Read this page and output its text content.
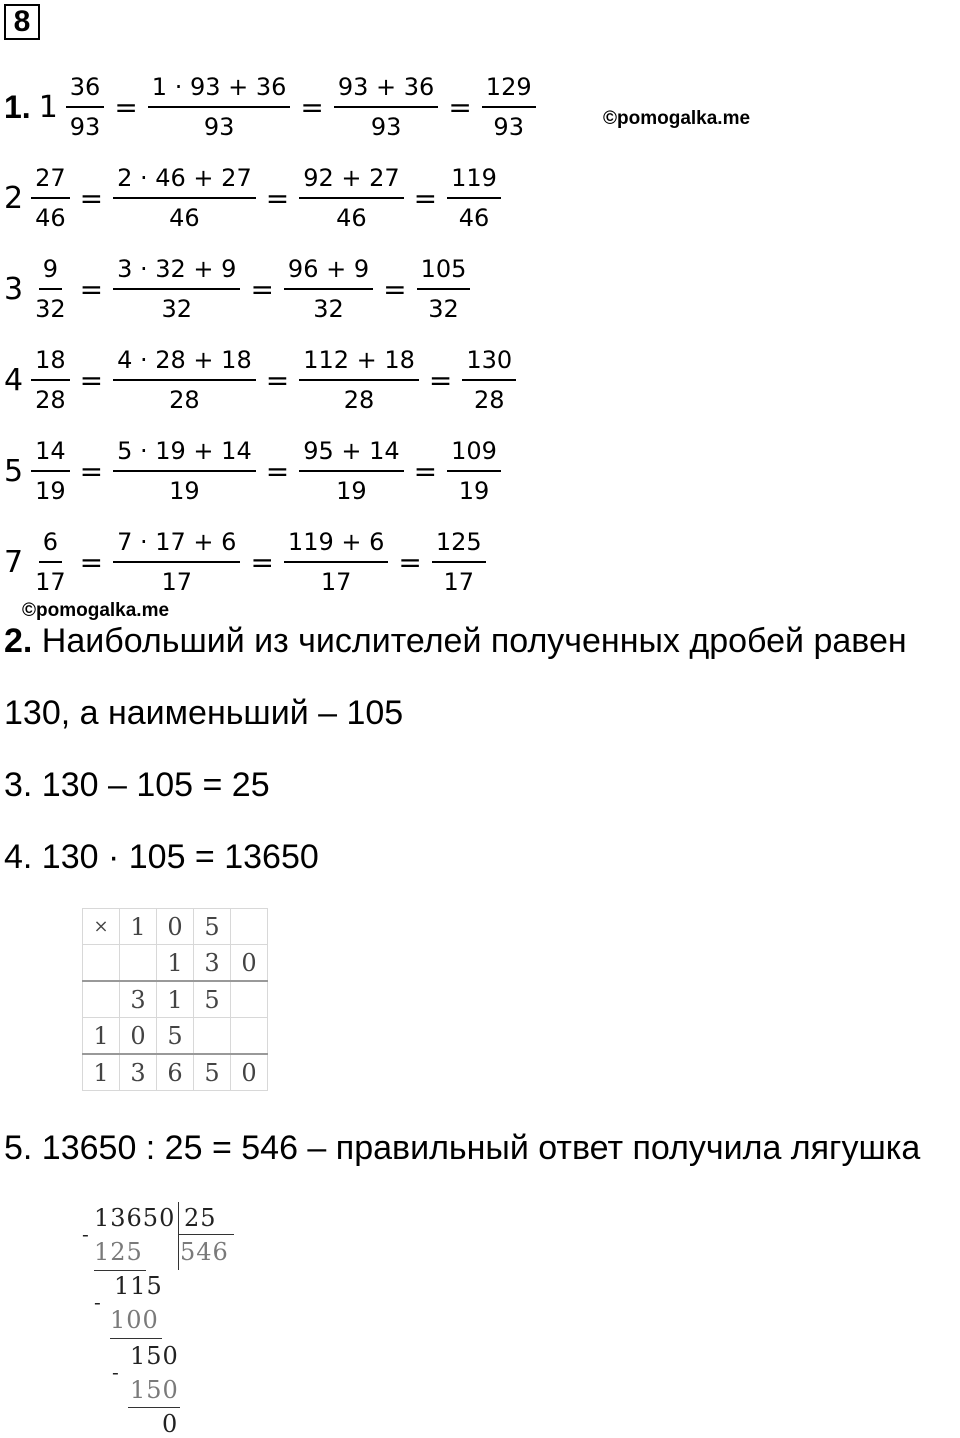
8
©pomogalka.me
©pomogalka.me
1. $1 \frac{36}{93} = \frac{1 \cdot 93 + 36}{93} = \frac{93 + 36}{93} = \frac{129}{93}$
$2 \frac{27}{46} = \frac{2 \cdot 46 + 27}{46} = \frac{92 + 27}{46} = \frac{119}{46}$
$3 \frac{9}{32} = \frac{3 \cdot 32 + 9}{32} = \frac{96 + 9}{32} = \frac{105}{32}$
$4 \frac{18}{28} = \frac{4 \cdot 28 + 18}{28} = \frac{112 + 18}{28} = \frac{130}{28}$
$5 \frac{14}{19} = \frac{5 \cdot 19 + 14}{19} = \frac{95 + 14}{19} = \frac{109}{19}$
$7 \frac{6}{17} = \frac{7 \cdot 17 + 6}{17} = \frac{119 + 6}{17} = \frac{125}{17}$
2. Наибольший из числителей полученных дробей равен
130, а наименьший – 105
3. 130 – 105 = 25
4. 130 · 105 = 13650
×	1	0	5	
		1	3	0
	3	1	5	
1	0	5		
1	3	6	5	0
5. 13650 : 25 = 546 – правильный ответ получила лягушка
13650 25
546
-
125
115
-
100
150
-
150
0
